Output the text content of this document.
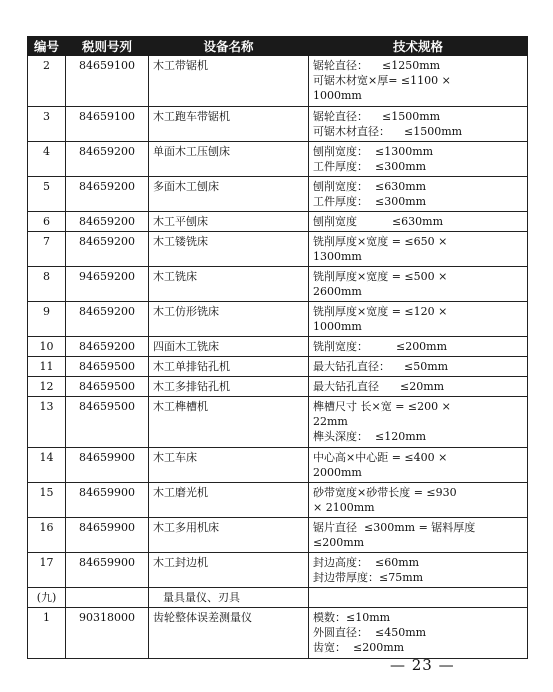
编号	税则号列	设备名称	技术规格
2	84659100	木工带锯机	锯轮直径：    ≤1250mm
可锯木材宽×厚= ≤1100 ×
1000mm

3	84659100	木工跑车带锯机	锯轮直径：    ≤1500mm
可锯木材直径：    ≤1500mm

4	84659200	单面木工压刨床	刨削宽度：  ≤1300mm
工件厚度：  ≤300mm

5	84659200	多面木工刨床	刨削宽度：  ≤630mm
工件厚度：  ≤300mm

6	84659200	木工平刨床	刨削宽度          ≤630mm

7	84659200	木工镂铣床	铣削厚度×宽度 = ≤650 ×
1300mm

8	94659200	木工铣床	铣削厚度×宽度 = ≤500 ×
2600mm

9	84659200	木工仿形铣床	铣削厚度×宽度 = ≤120 ×
1000mm

10	84659200	四面木工铣床	铣削宽度：        ≤200mm

11	84659500	木工单排钻孔机	最大钻孔直径：    ≤50mm

12	84659500	木工多排钻孔机	最大钻孔直径      ≤20mm

13	84659500	木工榫槽机	榫槽尺寸 长×宽 = ≤200 ×
22mm
榫头深度：  ≤120mm

14	84659900	木工车床	中心高×中心距 = ≤400 ×
2000mm

15	84659900	木工磨光机	砂带宽度×砂带长度 = ≤930
× 2100mm

16	84659900	木工多用机床	锯片直径  ≤300mm = 锯料厚度
≤200mm

17	84659900	木工封边机	封边高度：  ≤60mm
封边带厚度：≤75mm

(九)		量具量仪、刃具	
1	90318000	齿轮整体误差测量仪	模数：≤10mm
外圆直径：  ≤450mm
齿宽：  ≤200mm
— 23 —
